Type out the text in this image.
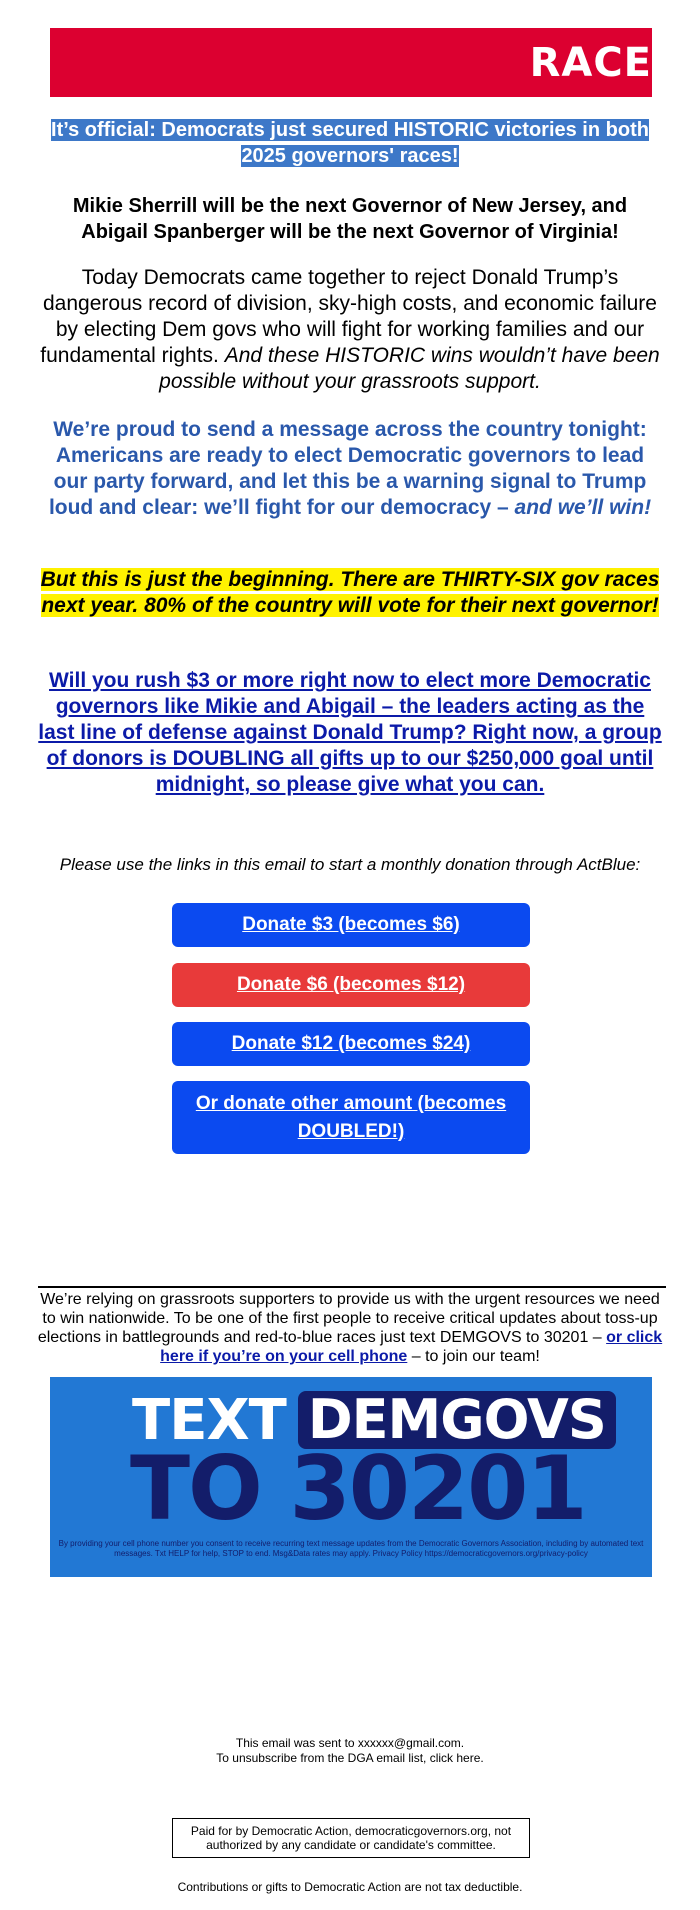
RACE
It’s official: Democrats just secured HISTORIC victories in both 2025 governors' races!
Mikie Sherrill will be the next Governor of New Jersey, and Abigail Spanberger will be the next Governor of Virginia!
Today Democrats came together to reject Donald Trump’s dangerous record of division, sky-high costs, and economic failure by electing Dem govs who will fight for working families and our fundamental rights. And these HISTORIC wins wouldn’t have been possible without your grassroots support.
We’re proud to send a message across the country tonight: Americans are ready to elect Democratic governors to lead our party forward, and let this be a warning signal to Trump loud and clear: we’ll fight for our democracy – and we’ll win!
But this is just the beginning. There are THIRTY-SIX gov races next year. 80% of the country will vote for their next governor!
Will you rush $3 or more right now to elect more Democratic governors like Mikie and Abigail – the leaders acting as the last line of defense against Donald Trump? Right now, a group of donors is DOUBLING all gifts up to our $250,000 goal until midnight, so please give what you can.
Please use the links in this email to start a monthly donation through ActBlue:
Donate $3 (becomes $6)
Donate $6 (becomes $12)
Donate $12 (becomes $24)
Or donate other amount (becomes DOUBLED!)
We’re relying on grassroots supporters to provide us with the urgent resources we need to win nationwide. To be one of the first people to receive critical updates about toss-up elections in battlegrounds and red-to-blue races just text DEMGOVS to 30201 – or click here if you’re on your cell phone – to join our team!
TEXT DEMGOVS
TO 30201
By providing your cell phone number you consent to receive recurring text message updates from the Democratic Governors Association, including by automated text messages. Txt HELP for help, STOP to end. Msg&Data rates may apply. Privacy Policy https://democraticgovernors.org/privacy-policy
This email was sent to xxxxxx@gmail.com.
To unsubscribe from the DGA email list, click here.
Paid for by Democratic Action, democraticgovernors.org, not authorized by any candidate or candidate's committee.
Contributions or gifts to Democratic Action are not tax deductible.
